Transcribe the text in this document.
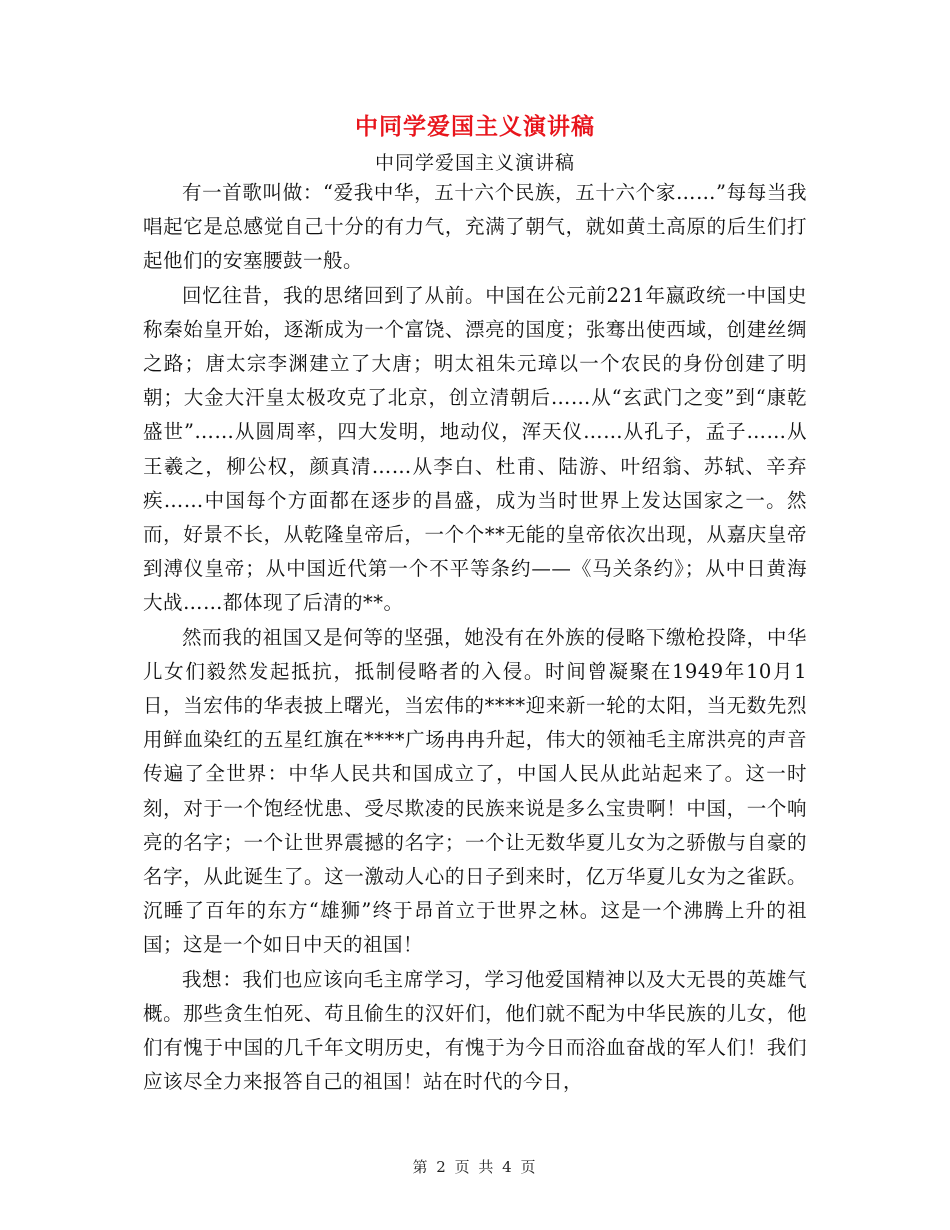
中同学爱国主义演讲稿
中同学爱国主义演讲稿

有一首歌叫做：“爱我中华，五十六个民族，五十六个家……”每每当我唱起它是总感觉自己十分的有力气，充满了朝气，就如黄土高原的后生们打起他们的安塞腰鼓一般。

回忆往昔，我的思绪回到了从前。中国在公元前221年嬴政统一中国史称秦始皇开始，逐渐成为一个富饶、漂亮的国度；张骞出使西域，创建丝绸之路；唐太宗李渊建立了大唐；明太祖朱元璋以一个农民的身份创建了明朝；大金大汗皇太极攻克了北京，创立清朝后……从“玄武门之变”到“康乾盛世”……从圆周率，四大发明，地动仪，浑天仪……从孔子，孟子……从王羲之，柳公权，颜真清……从李白、杜甫、陆游、叶绍翁、苏轼、辛弃疾……中国每个方面都在逐步的昌盛，成为当时世界上发达国家之一。然而，好景不长，从乾隆皇帝后，一个个**无能的皇帝依次出现，从嘉庆皇帝到溥仪皇帝；从中国近代第一个不平等条约——《马关条约》；从中日黄海大战……都体现了后清的**。

然而我的祖国又是何等的坚强，她没有在外族的侵略下缴枪投降，中华儿女们毅然发起抵抗，抵制侵略者的入侵。时间曾凝聚在1949年10月1日，当宏伟的华表披上曙光，当宏伟的****迎来新一轮的太阳，当无数先烈用鲜血染红的五星红旗在****广场冉冉升起，伟大的领袖毛主席洪亮的声音传遍了全世界：中华人民共和国成立了，中国人民从此站起来了。这一时刻，对于一个饱经忧患、受尽欺凌的民族来说是多么宝贵啊！中国，一个响亮的名字；一个让世界震撼的名字；一个让无数华夏儿女为之骄傲与自豪的名字，从此诞生了。这一激动人心的日子到来时，亿万华夏儿女为之雀跃。沉睡了百年的东方“雄狮”终于昂首立于世界之林。这是一个沸腾上升的祖国；这是一个如日中天的祖国！

我想：我们也应该向毛主席学习，学习他爱国精神以及大无畏的英雄气概。那些贪生怕死、苟且偷生的汉奸们，他们就不配为中华民族的儿女，他们有愧于中国的几千年文明历史，有愧于为今日而浴血奋战的军人们！我们应该尽全力来报答自己的祖国！站在时代的今日，

第 2 页 共 4 页
